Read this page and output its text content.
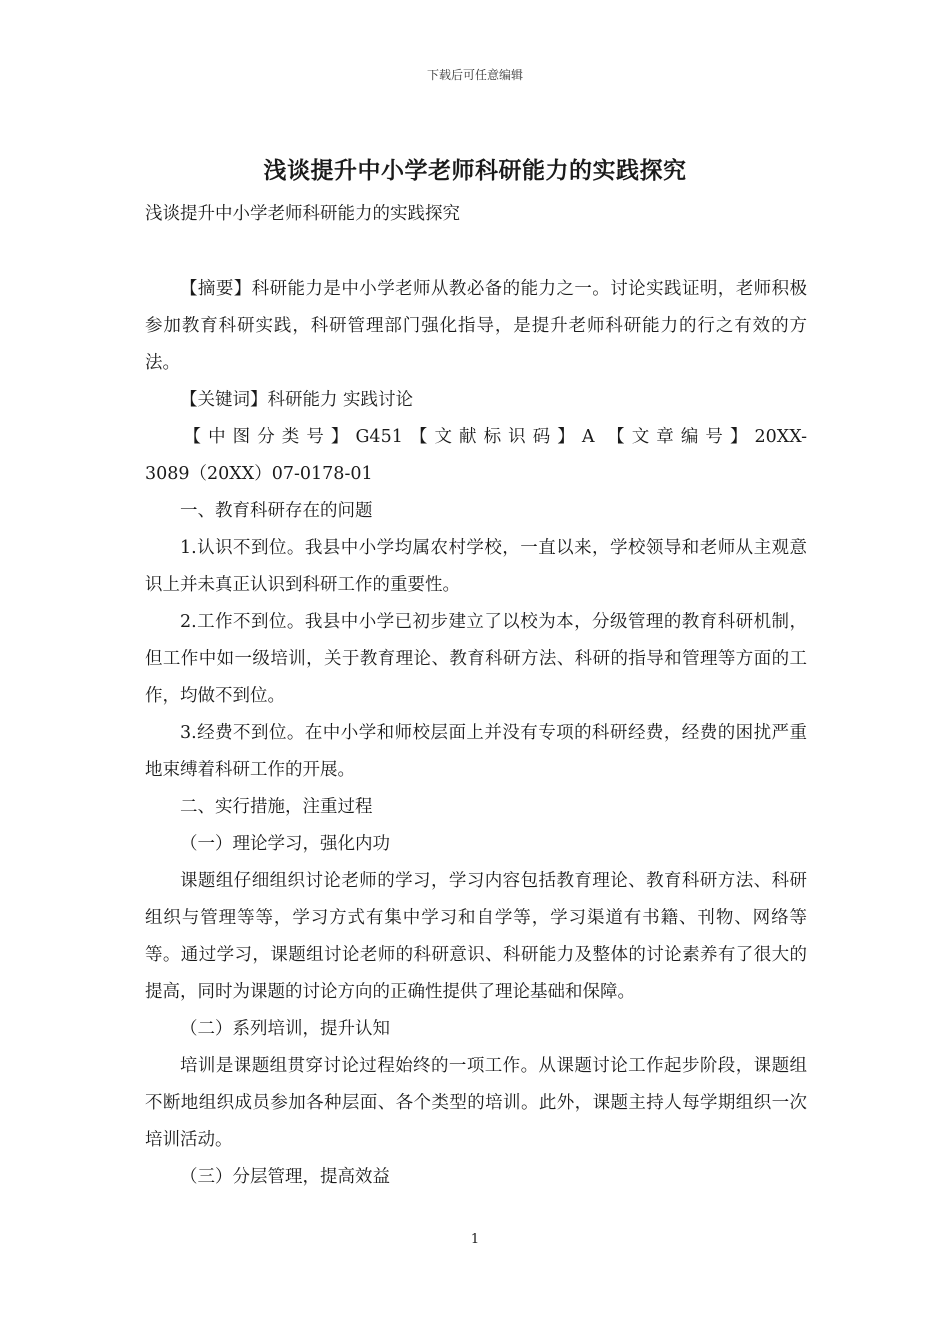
下载后可任意编辑
浅谈提升中小学老师科研能力的实践探究

浅谈提升中小学老师科研能力的实践探究

【摘要】科研能力是中小学老师从教必备的能力之一。讨论实践证明，老师积极参加教育科研实践，科研管理部门强化指导，是提升老师科研能力的行之有效的方法。

【关键词】科研能力 实践讨论

【中图分类号】G451【文献标识码】A 【文章编号】20XX-

3089（20XX）07-0178-01

一、教育科研存在的问题

1.认识不到位。我县中小学均属农村学校，一直以来，学校领导和老师从主观意识上并未真正认识到科研工作的重要性。

2.工作不到位。我县中小学已初步建立了以校为本，分级管理的教育科研机制，但工作中如一级培训，关于教育理论、教育科研方法、科研的指导和管理等方面的工作，均做不到位。

3.经费不到位。在中小学和师校层面上并没有专项的科研经费，经费的困扰严重地束缚着科研工作的开展。

二、实行措施，注重过程

（一）理论学习，强化内功

课题组仔细组织讨论老师的学习，学习内容包括教育理论、教育科研方法、科研组织与管理等等，学习方式有集中学习和自学等，学习渠道有书籍、刊物、网络等等。通过学习，课题组讨论老师的科研意识、科研能力及整体的讨论素养有了很大的提高，同时为课题的讨论方向的正确性提供了理论基础和保障。

（二）系列培训，提升认知

培训是课题组贯穿讨论过程始终的一项工作。从课题讨论工作起步阶段，课题组不断地组织成员参加各种层面、各个类型的培训。此外，课题主持人每学期组织一次培训活动。

（三）分层管理，提高效益

1
